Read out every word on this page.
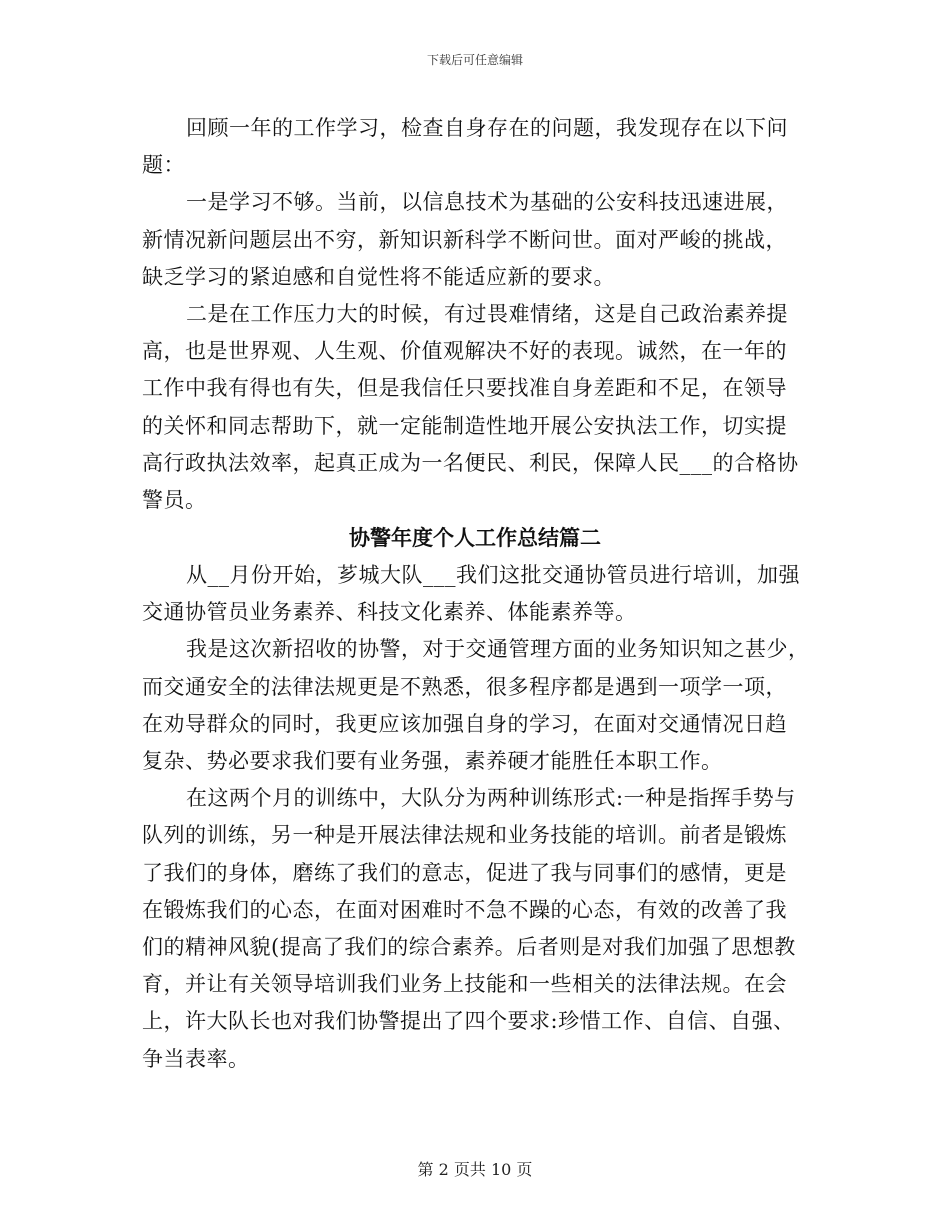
下载后可任意编辑
回顾一年的工作学习，检查自身存在的问题，我发现存在以下问
题：
一是学习不够。当前，以信息技术为基础的公安科技迅速进展，
新情况新问题层出不穷，新知识新科学不断问世。面对严峻的挑战，
缺乏学习的紧迫感和自觉性将不能适应新的要求。
二是在工作压力大的时候，有过畏难情绪，这是自己政治素养提
高，也是世界观、人生观、价值观解决不好的表现。诚然，在一年的
工作中我有得也有失，但是我信任只要找准自身差距和不足，在领导
的关怀和同志帮助下，就一定能制造性地开展公安执法工作，切实提
高行政执法效率，起真正成为一名便民、利民，保障人民___的合格协
警员。
协警年度个人工作总结篇二
从__月份开始，芗城大队___我们这批交通协管员进行培训，加强
交通协管员业务素养、科技文化素养、体能素养等。
我是这次新招收的协警，对于交通管理方面的业务知识知之甚少，
而交通安全的法律法规更是不熟悉，很多程序都是遇到一项学一项，
在劝导群众的同时，我更应该加强自身的学习，在面对交通情况日趋
复杂、势必要求我们要有业务强，素养硬才能胜任本职工作。
在这两个月的训练中，大队分为两种训练形式:一种是指挥手势与
队列的训练，另一种是开展法律法规和业务技能的培训。前者是锻炼
了我们的身体，磨练了我们的意志，促进了我与同事们的感情，更是
在锻炼我们的心态，在面对困难时不急不躁的心态，有效的改善了我
们的精神风貌(提高了我们的综合素养。后者则是对我们加强了思想教
育，并让有关领导培训我们业务上技能和一些相关的法律法规。在会
上，许大队长也对我们协警提出了四个要求:珍惜工作、自信、自强、
争当表率。
第 2 页共 10 页
